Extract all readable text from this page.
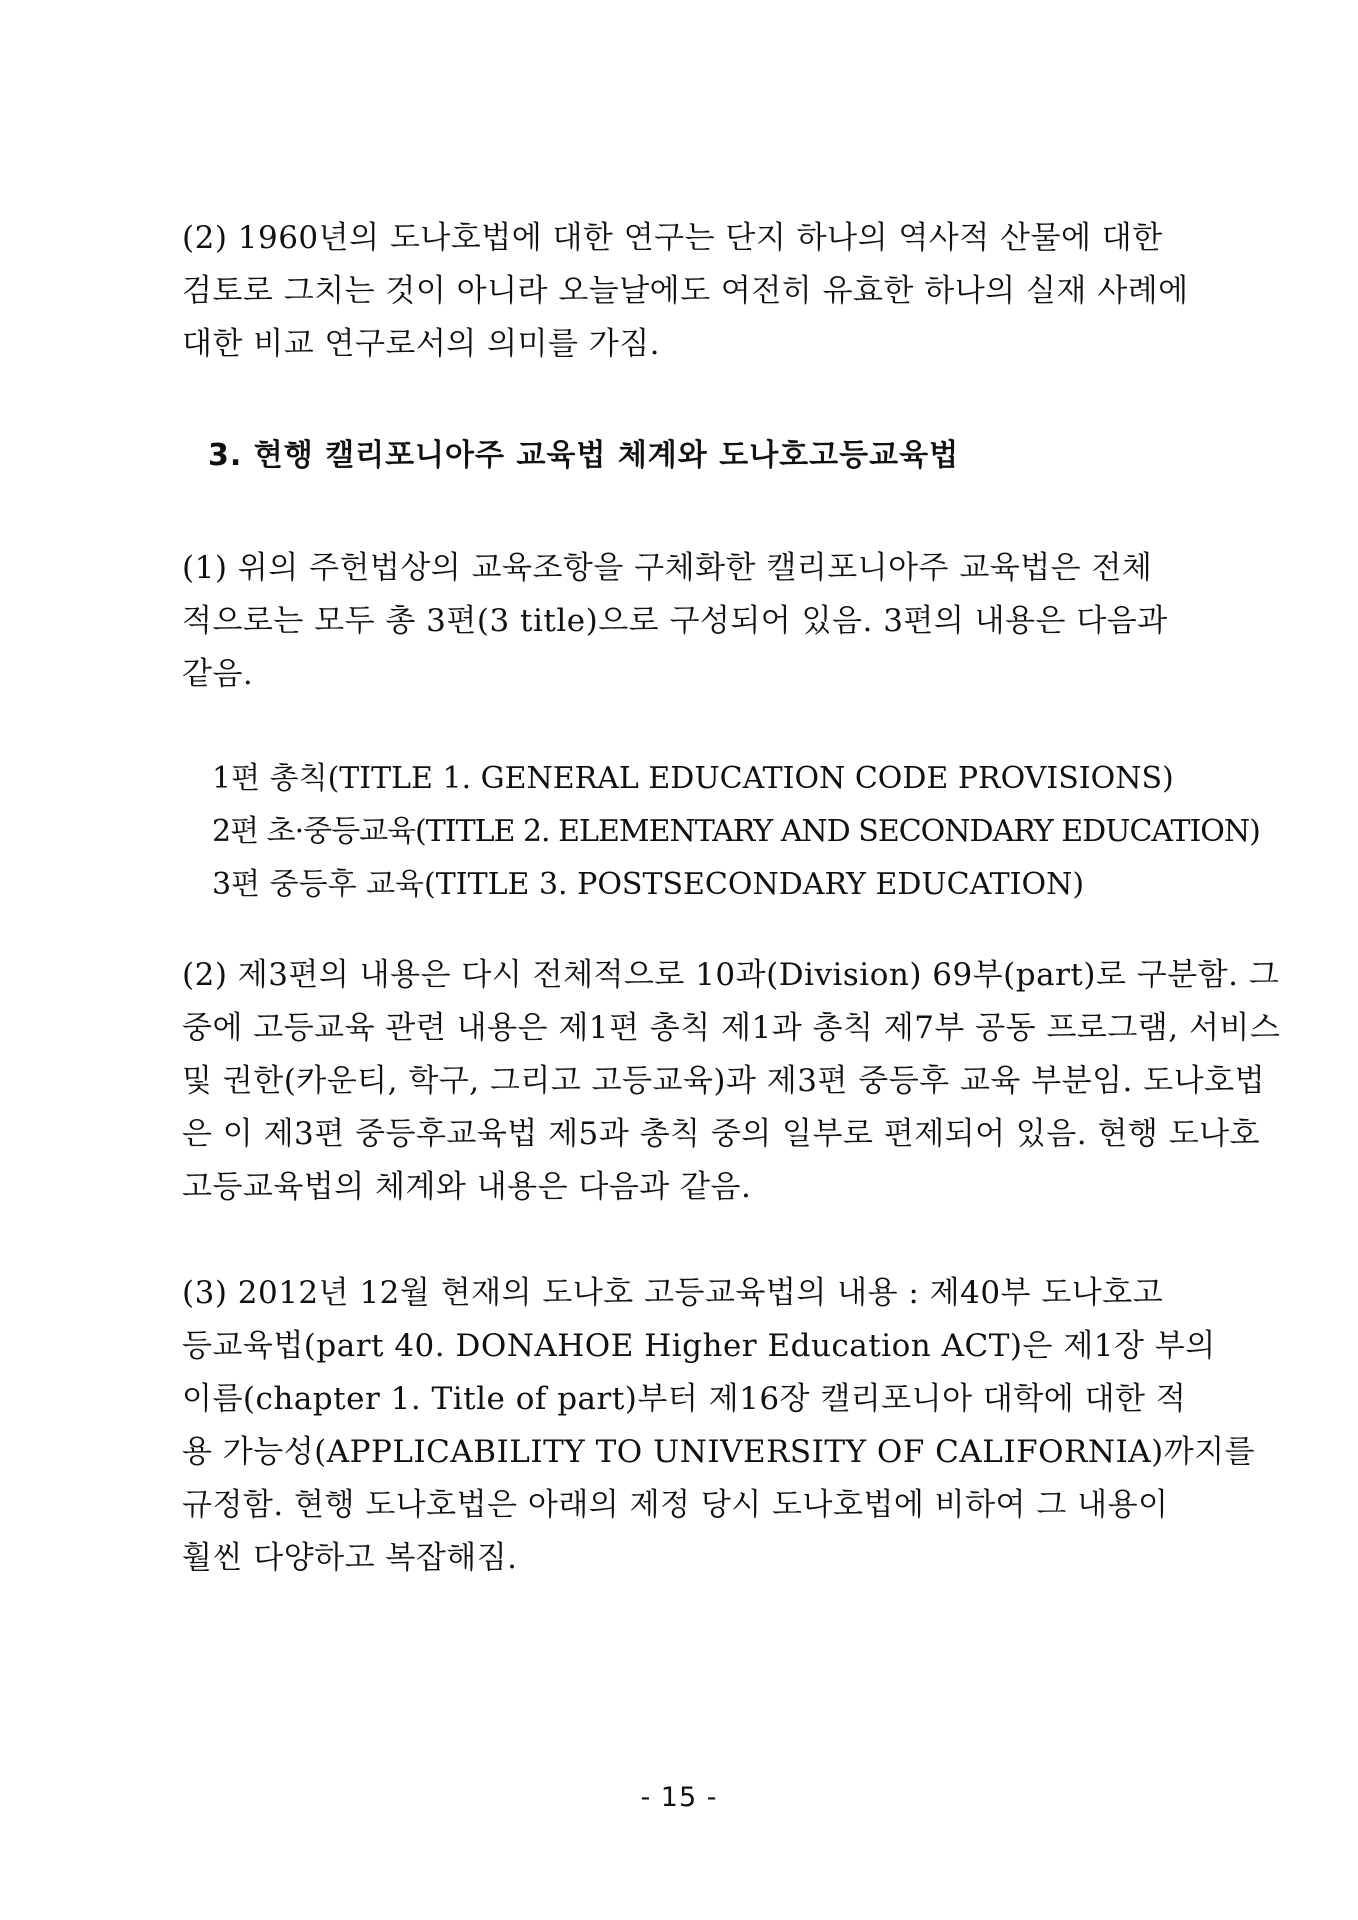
(2) 1960년의 도나호법에 대한 연구는 단지 하나의 역사적 산물에 대한
검토로 그치는 것이 아니라 오늘날에도 여전히 유효한 하나의 실재 사례에
대한 비교 연구로서의 의미를 가짐.

3. 현행 캘리포니아주 교육법 체계와 도나호고등교육법

(1) 위의 주헌법상의 교육조항을 구체화한 캘리포니아주 교육법은 전체
적으로는 모두 총 3편(3 title)으로 구성되어 있음. 3편의 내용은 다음과
같음.

1편 총칙(TITLE 1. GENERAL EDUCATION CODE PROVISIONS)
2편 초·중등교육(TITLE 2. ELEMENTARY AND SECONDARY EDUCATION)
3편 중등후 교육(TITLE 3. POSTSECONDARY EDUCATION)

(2) 제3편의 내용은 다시 전체적으로 10과(Division) 69부(part)로 구분함. 그
중에 고등교육 관련 내용은 제1편 총칙 제1과 총칙 제7부 공동 프로그램, 서비스
및 권한(카운티, 학구, 그리고 고등교육)과 제3편 중등후 교육 부분임. 도나호법
은 이 제3편 중등후교육법 제5과 총칙 중의 일부로 편제되어 있음. 현행 도나호
고등교육법의 체계와 내용은 다음과 같음.

(3) 2012년 12월 현재의 도나호 고등교육법의 내용 : 제40부 도나호고
등교육법(part 40. DONAHOE Higher Education ACT)은 제1장 부의
이름(chapter 1. Title of part)부터 제16장 캘리포니아 대학에 대한 적
용 가능성(APPLICABILITY TO UNIVERSITY OF CALIFORNIA)까지를
규정함. 현행 도나호법은 아래의 제정 당시 도나호법에 비하여 그 내용이
훨씬 다양하고 복잡해짐.

- 15 -
